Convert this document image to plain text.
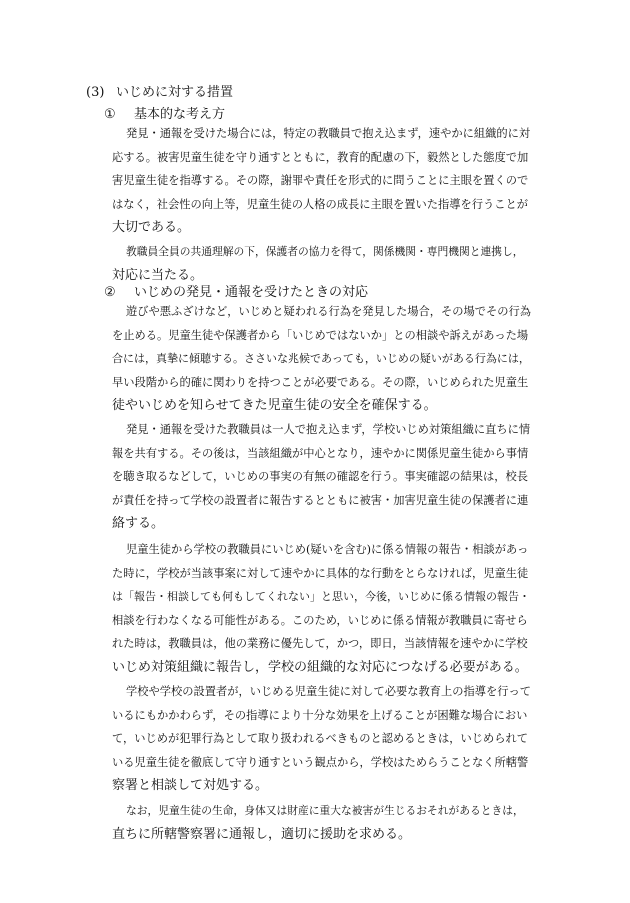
(3) いじめに対する措置
① 基本的な考え方
発見・通報を受けた場合には，特定の教職員で抱え込まず，速やかに組織的に対
応する。被害児童生徒を守り通すとともに，教育的配慮の下，毅然とした態度で加
害児童生徒を指導する。その際，謝罪や責任を形式的に問うことに主眼を置くので
はなく，社会性の向上等，児童生徒の人格の成長に主眼を置いた指導を行うことが
大切である。
教職員全員の共通理解の下，保護者の協力を得て，関係機関・専門機関と連携し，
対応に当たる。
② いじめの発見・通報を受けたときの対応
遊びや悪ふざけなど，いじめと疑われる行為を発見した場合，その場でその行為
を止める。児童生徒や保護者から「いじめではないか」との相談や訴えがあった場
合には，真摯に傾聴する。ささいな兆候であっても，いじめの疑いがある行為には，
早い段階から的確に関わりを持つことが必要である。その際，いじめられた児童生
徒やいじめを知らせてきた児童生徒の安全を確保する。
発見・通報を受けた教職員は一人で抱え込まず，学校いじめ対策組織に直ちに情
報を共有する。その後は，当該組織が中心となり，速やかに関係児童生徒から事情
を聴き取るなどして，いじめの事実の有無の確認を行う。事実確認の結果は，校長
が責任を持って学校の設置者に報告するとともに被害・加害児童生徒の保護者に連
絡する。
児童生徒から学校の教職員にいじめ(疑いを含む)に係る情報の報告・相談があっ
た時に，学校が当該事案に対して速やかに具体的な行動をとらなければ，児童生徒
は「報告・相談しても何もしてくれない」と思い，今後，いじめに係る情報の報告・
相談を行わなくなる可能性がある。このため，いじめに係る情報が教職員に寄せら
れた時は，教職員は，他の業務に優先して，かつ，即日，当該情報を速やかに学校
いじめ対策組織に報告し，学校の組織的な対応につなげる必要がある。
学校や学校の設置者が，いじめる児童生徒に対して必要な教育上の指導を行って
いるにもかかわらず，その指導により十分な効果を上げることが困難な場合におい
て，いじめが犯罪行為として取り扱われるべきものと認めるときは，いじめられて
いる児童生徒を徹底して守り通すという観点から，学校はためらうことなく所轄警
察署と相談して対処する。
なお，児童生徒の生命，身体又は財産に重大な被害が生じるおそれがあるときは，
直ちに所轄警察署に通報し，適切に援助を求める。
